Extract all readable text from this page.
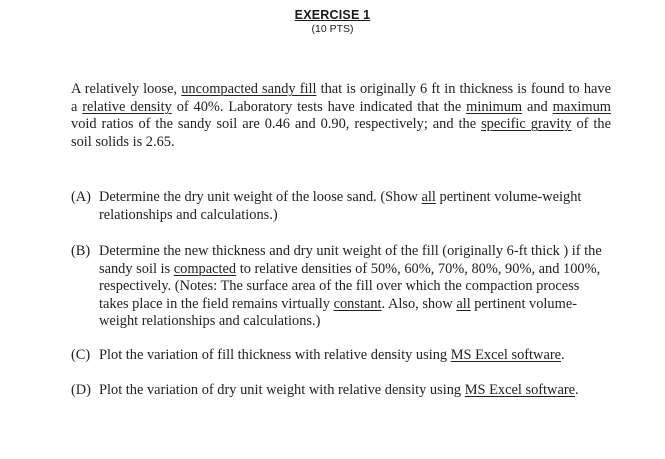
EXERCISE 1
(10 PTS)
A relatively loose, uncompacted sandy fill that is originally 6 ft in thickness is found to have a relative density of 40%. Laboratory tests have indicated that the minimum and maximum void ratios of the sandy soil are 0.46 and 0.90, respectively; and the specific gravity of the soil solids is 2.65.
(A) Determine the dry unit weight of the loose sand. (Show all pertinent volume-weight relationships and calculations.)
(B) Determine the new thickness and dry unit weight of the fill (originally 6-ft thick ) if the sandy soil is compacted to relative densities of 50%, 60%, 70%, 80%, 90%, and 100%, respectively. (Notes: The surface area of the fill over which the compaction process takes place in the field remains virtually constant. Also, show all pertinent volume-weight relationships and calculations.)
(C) Plot the variation of fill thickness with relative density using MS Excel software.
(D) Plot the variation of dry unit weight with relative density using MS Excel software.
